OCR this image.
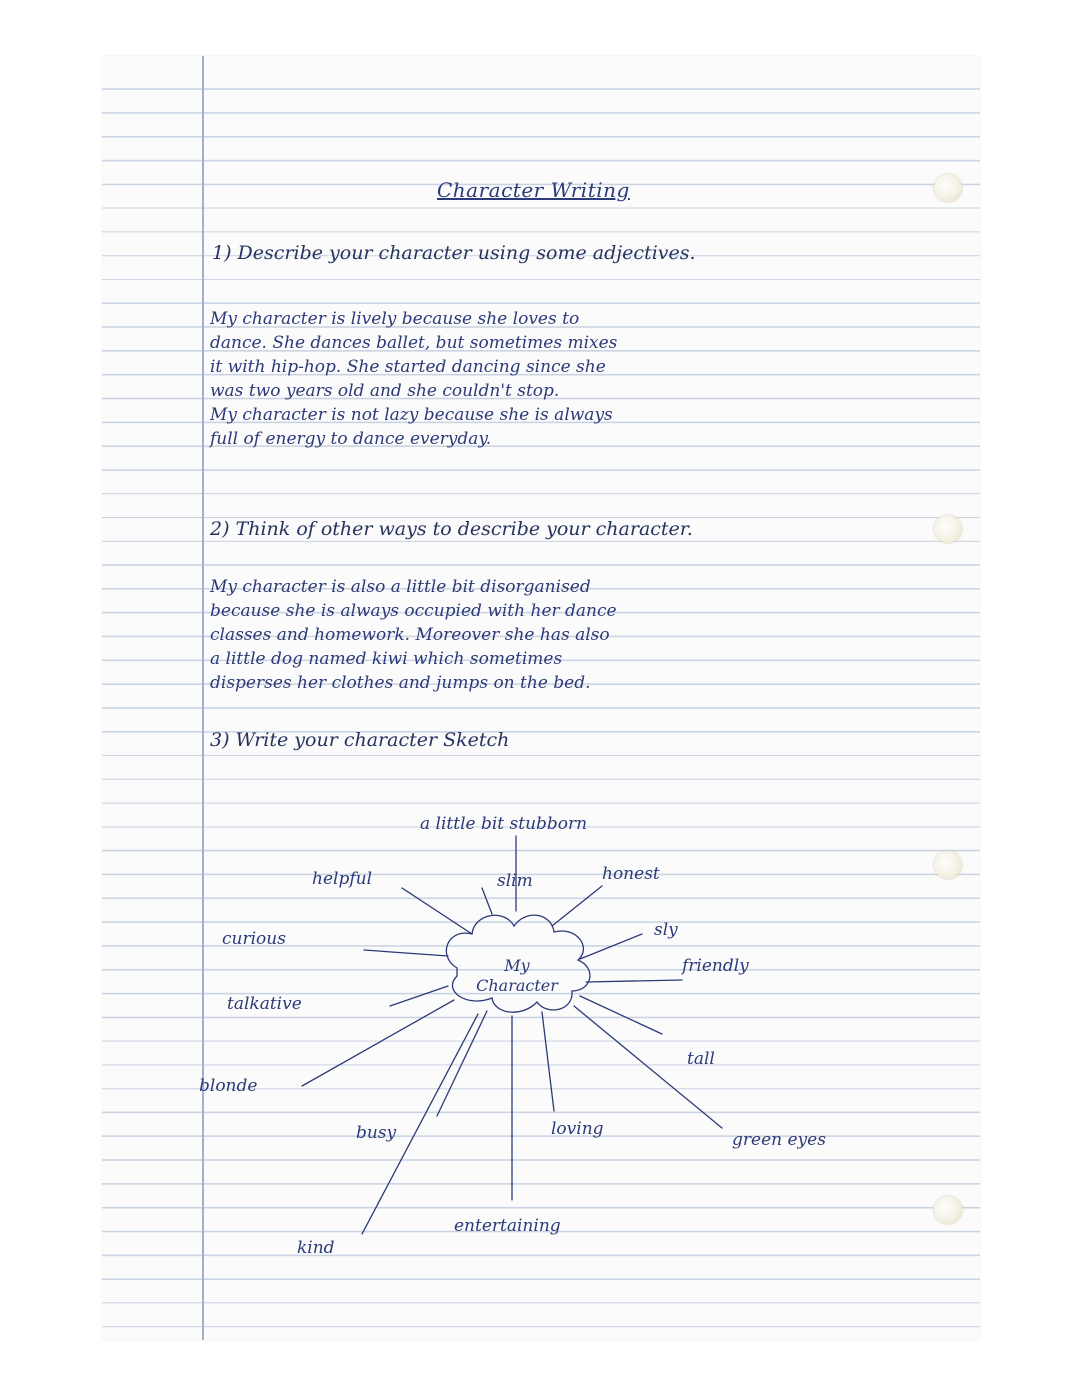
Character Writing
1) Describe your character using some adjectives.
My character is lively because she loves to
dance. She dances ballet, but sometimes mixes
it with hip-hop. She started dancing since she
was two years old and she couldn't stop.
My character is not lazy because she is always
full of energy to dance everyday.
2) Think of other ways to describe your character.
My character is also a little bit disorganised
because she is always occupied with her dance
classes and homework. Moreover she has also
a little dog named kiwi which sometimes
disperses her clothes and jumps on the bed.
3) Write your character Sketch
My
Character
a little bit stubborn
helpful	slim	honest
curious	sly
friendly
talkative
tall
blonde
busy	loving
green eyes
entertaining
kind
